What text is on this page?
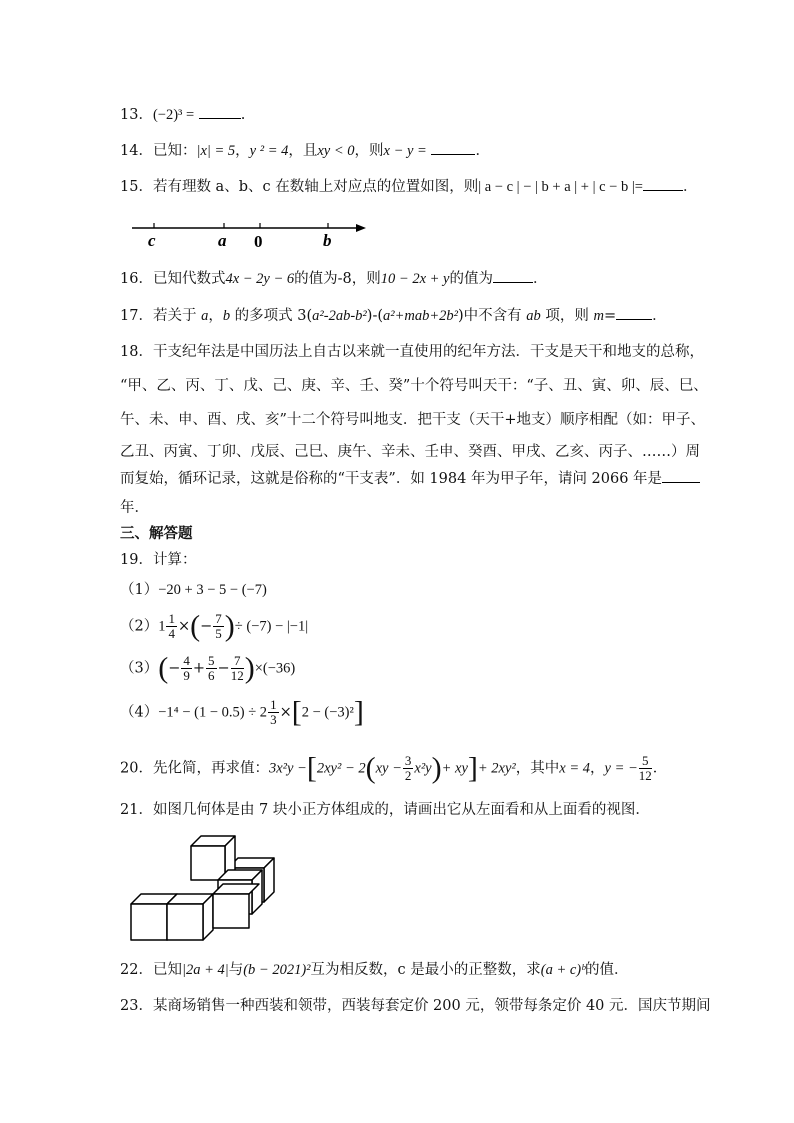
13．(−2)³ =	.
14．已知：|x| = 5，y ² = 4，且xy < 0，则x − y =	．
15．若有理数 a、b、c 在数轴上对应点的位置如图，则| a − c | − | b + a | + | c − b |=	．
c	a 0	b
16．已知代数式4x − 2y − 6的值为-8，则10 − 2x + y的值为	．
17．若关于 a，b 的多项式 3(a²-2ab-b²)-(a²+mab+2b²)中不含有 ab 项，则 m= ．
18．干支纪年法是中国历法上自古以来就一直使用的纪年方法．干支是天干和地支的总称，
“甲、乙、丙、丁、戊、己、庚、辛、壬、癸”十个符号叫天干：“子、丑、寅、卯、辰、巳、
午、未、申、酉、戌、亥”十二个符号叫地支．把干支（天干+地支）顺序相配（如：甲子、
乙丑、丙寅、丁卯、戊辰、己巳、庚午、辛未、壬申、癸酉、甲戌、乙亥、丙子、……）周
而复始，循环记录，这就是俗称的“干支表”．如 1984 年为甲子年，请问 2066 年是
年．
三、解答题
19．计算：
（1）−20 + 3 − 5 − (−7)
$(2)1 \frac{1}{4}$ ×(− $\frac{7}{5}$ )÷ (−7) − |−1|
$(3)(- \frac{4}{9} + \frac{5}{6} - \frac{7}{12} )\times(-36)$
$(4)-1^4 - (1 - 0.5) \div 2 \frac{1}{3} \times[2 - (-3)^2]$
20．先化简，再求值：$3x^2y -[2xy^2 - 2(xy - \frac{3}{2} x^2y)+ xy]+ 2xy^2$，其中x = 4，y = − $\frac{5}{12}$ ．
21．如图几何体是由 7 块小正方体组成的，请画出它从左面看和从上面看的视图．
22．已知|2a + 4|与(b − 2021)²互为相反数，c 是最小的正整数，求(a + c)ᵇ的值．
23．某商场销售一种西装和领带，西装每套定价 200 元，领带每条定价 40 元．国庆节期间
